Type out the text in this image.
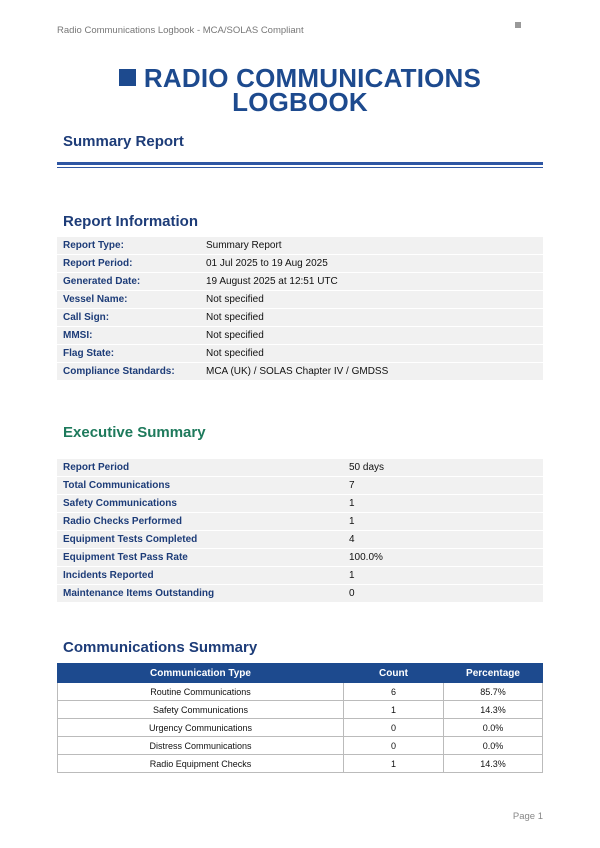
Radio Communications Logbook - MCA/SOLAS Compliant
RADIO COMMUNICATIONS
LOGBOOK
Summary Report
Report Information
Report Type:	Summary Report
Report Period:	01 Jul 2025 to 19 Aug 2025
Generated Date:	19 August 2025 at 12:51 UTC
Vessel Name:	Not specified
Call Sign:	Not specified
MMSI:	Not specified
Flag State:	Not specified
Compliance Standards:	MCA (UK) / SOLAS Chapter IV / GMDSS
Executive Summary
Report Period	50 days
Total Communications	7
Safety Communications	1
Radio Checks Performed	1
Equipment Tests Completed	4
Equipment Test Pass Rate	100.0%
Incidents Reported	1
Maintenance Items Outstanding	0
Communications Summary
Communication Type	Count	Percentage
Routine Communications	6	85.7%
Safety Communications	1	14.3%
Urgency Communications	0	0.0%
Distress Communications	0	0.0%
Radio Equipment Checks	1	14.3%
Page 1
